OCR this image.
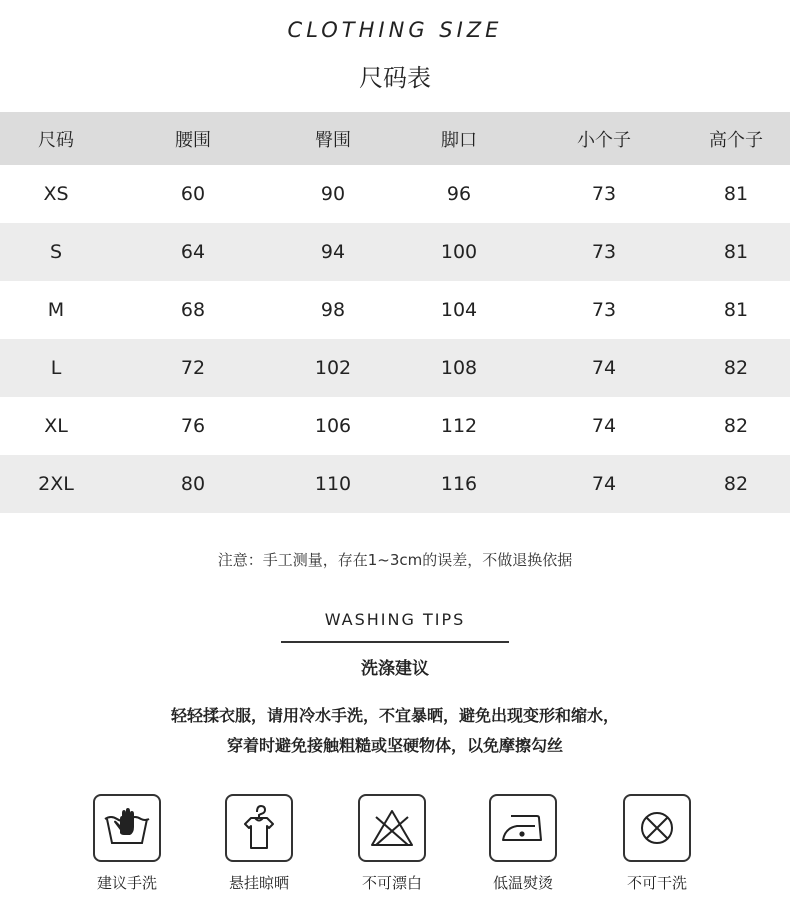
CLOTHING SIZE
尺码表
尺码	腰围	臀围	脚口	小个子	高个子
XS	60	90	96	73	81
S	64	94	100	73	81
M	68	98	104	73	81
L	72	102	108	74	82
XL	76	106	112	74	82
2XL	80	110	116	74	82
注意：手工测量，存在1~3cm的误差，不做退换依据
WASHING TIPS
洗涤建议
轻轻揉衣服，请用冷水手洗，不宜暴晒，避免出现变形和缩水，
穿着时避免接触粗糙或坚硬物体，以免摩擦勾丝
建议手洗	悬挂晾晒	不可漂白	低温熨烫	不可干洗
